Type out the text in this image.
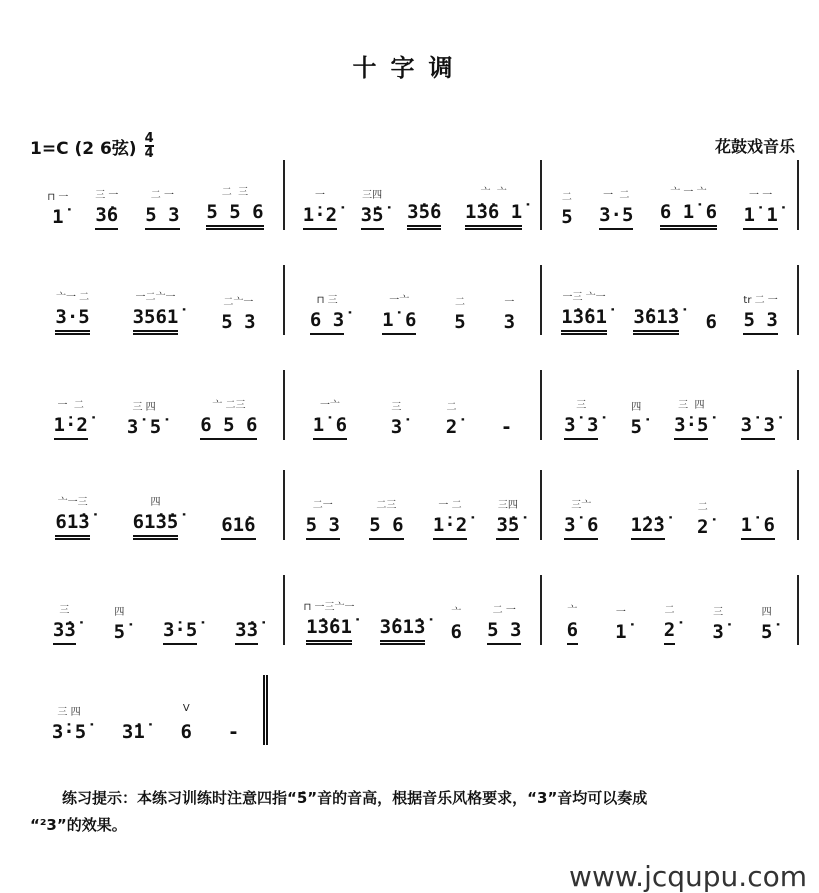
十字调
1=C (2 6弦) 4
4	花鼓戏音乐
⊓ 一
1̇
三 一
3̇6
二 一
5 3
二  三
5 5 6
一
1̇·2̇
三四
3̇5̇ 3̇5̇6
亠  亠
1̇3̇6 1̇
二
5
一  二
3·5
亠 一 亠
6 1̇ 6
一 一
1̇ 1̇
亠一 二
3·5
一二亠一
3561̇
二亠一
5 3
⊓ 三
6 3̇
一亠
1̇ 6
二
5
一
3
一三 亠一
1̇3̇61̇ 3̇61̇3̇ 6
tr 二 一
5 3
一  二
1̇·2̇
三 四
3̇ 5̇
亠 二三
6 5 6
一亠
1̇ 6
三
3̇
二
2̇ -
三
3̇ 3̇
四
5̇
三  四
3̇·5̇ 3̇ 3̇
亠一三
61̇3̇
四
61̇3̇5̇ 61̇6
二一
5 3
二三
5 6
一 二
1̇·2̇
三四
3̇5̇
三亠
3̇ 6 1̇2̇3̇
二
2̇ 1̇ 6
三
3̇3̇
四
5̇ 3̇·5̇ 3̇3̇
⊓ 一三亠一
1̇3̇61̇ 3̇61̇3̇
亠
6
二 一
5 3
亠
6
一
1̇
二
2̇
三
3̇
四
5̇
三 四
3̇·5̇ 3̇1̇
V
6 -
练习提示：本练习训练时注意四指“5̇”音的音高，根据音乐风格要求，“3”音均可以奏成
“²3”的效果。
www.jcqupu.com
